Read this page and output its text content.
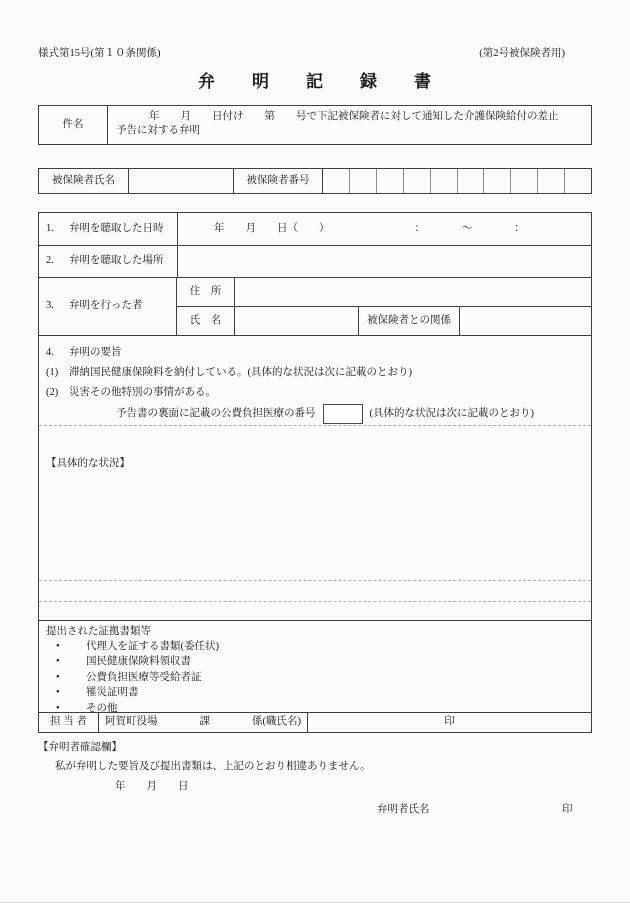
様式第15号(第１０条関係)	(第2号被保険者用)
弁　　明　　記　　録　　書
件名
年　　月　　日付け　　第　　号で下記被保険者に対して通知した介護保険給付の差止
予告に対する弁明
被保険者氏名	被保険者番号
1.	弁明を聴取した日時	年　　月　　日（　　）	：　　　　～　　　　：
2.	弁明を聴取した場所
3.	弁明を行った者
住　所
氏　名	被保険者との関係
4.	弁明の要旨
(1)	滞納国民健康保険料を納付している。(具体的な状況は次に記載のとおり)
(2)	災害その他特別の事情がある。
予告書の裏面に記載の公費負担医療の番号	(具体的な状況は次に記載のとおり)
【具体的な状況】
提出された証拠書類等
•	代理人を証する書類(委任状)
•	国民健康保険料領収書
•	公費負担医療等受給者証
•	罹災証明書
•	その他
担 当 者	阿賀町役場	課	係(職氏名)	印
【弁明者確認欄】
私が弁明した要旨及び提出書類は、上記のとおり相違ありません。
年　　月　　日
弁明者氏名	印
